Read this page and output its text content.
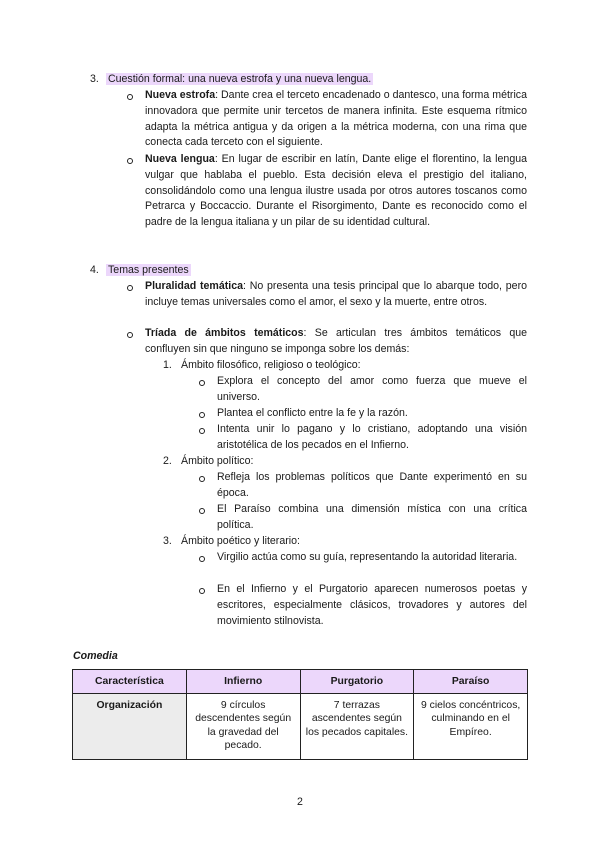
3. Cuestión formal: una nueva estrofa y una nueva lengua.
Nueva estrofa: Dante crea el terceto encadenado o dantesco, una forma métrica innovadora que permite unir tercetos de manera infinita. Este esquema rítmico adapta la métrica antigua y da origen a la métrica moderna, con una rima que conecta cada terceto con el siguiente.
Nueva lengua: En lugar de escribir en latín, Dante elige el florentino, la lengua vulgar que hablaba el pueblo. Esta decisión eleva el prestigio del italiano, consolidándolo como una lengua ilustre usada por otros autores toscanos como Petrarca y Boccaccio. Durante el Risorgimento, Dante es reconocido como el padre de la lengua italiana y un pilar de su identidad cultural.
4. Temas presentes
Pluralidad temática: No presenta una tesis principal que lo abarque todo, pero incluye temas universales como el amor, el sexo y la muerte, entre otros.
Tríada de ámbitos temáticos: Se articulan tres ámbitos temáticos que confluyen sin que ninguno se imponga sobre los demás:
1. Ámbito filosófico, religioso o teológico:
Explora el concepto del amor como fuerza que mueve el universo.
Plantea el conflicto entre la fe y la razón.
Intenta unir lo pagano y lo cristiano, adoptando una visión aristotélica de los pecados en el Infierno.
2. Ámbito político:
Refleja los problemas políticos que Dante experimentó en su época.
El Paraíso combina una dimensión mística con una crítica política.
3. Ámbito poético y literario:
Virgilio actúa como su guía, representando la autoridad literaria.
En el Infierno y el Purgatorio aparecen numerosos poetas y escritores, especialmente clásicos, trovadores y autores del movimiento stilnovista.
Comedia
Característica	Infierno	Purgatorio	Paraíso
Organización	9 círculos descendentes según la gravedad del pecado.	7 terrazas ascendentes según los pecados capitales.	9 cielos concéntricos, culminando en el Empíreo.
2
